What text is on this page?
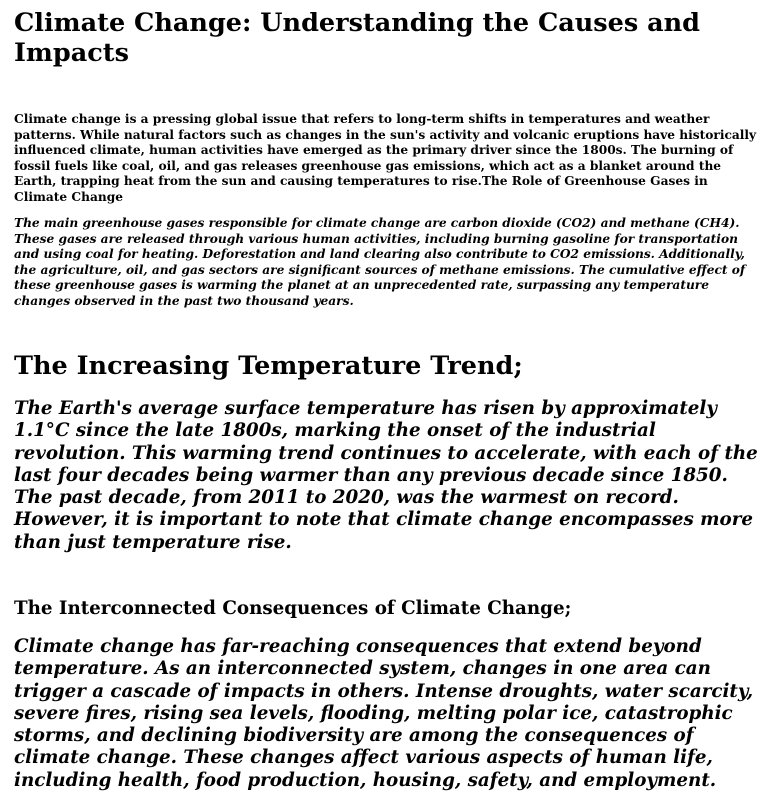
Climate Change: Understanding the Causes and Impacts

Climate change is a pressing global issue that refers to long-term shifts in temperatures and weather patterns. While natural factors such as changes in the sun's activity and volcanic eruptions have historically influenced climate, human activities have emerged as the primary driver since the 1800s. The burning of fossil fuels like coal, oil, and gas releases greenhouse gas emissions, which act as a blanket around the Earth, trapping heat from the sun and causing temperatures to rise.The Role of Greenhouse Gases in Climate Change

The main greenhouse gases responsible for climate change are carbon dioxide (CO2) and methane (CH4). These gases are released through various human activities, including burning gasoline for transportation and using coal for heating. Deforestation and land clearing also contribute to CO2 emissions. Additionally, the agriculture, oil, and gas sectors are significant sources of methane emissions. The cumulative effect of these greenhouse gases is warming the planet at an unprecedented rate, surpassing any temperature changes observed in the past two thousand years.

The Increasing Temperature Trend;

The Earth's average surface temperature has risen by approximately 1.1°C since the late 1800s, marking the onset of the industrial revolution. This warming trend continues to accelerate, with each of the last four decades being warmer than any previous decade since 1850. The past decade, from 2011 to 2020, was the warmest on record. However, it is important to note that climate change encompasses more than just temperature rise.

The Interconnected Consequences of Climate Change;

Climate change has far-reaching consequences that extend beyond temperature. As an interconnected system, changes in one area can trigger a cascade of impacts in others. Intense droughts, water scarcity, severe fires, rising sea levels, flooding, melting polar ice, catastrophic storms, and declining biodiversity are among the consequences of climate change. These changes affect various aspects of human life, including health, food production, housing, safety, and employment.
